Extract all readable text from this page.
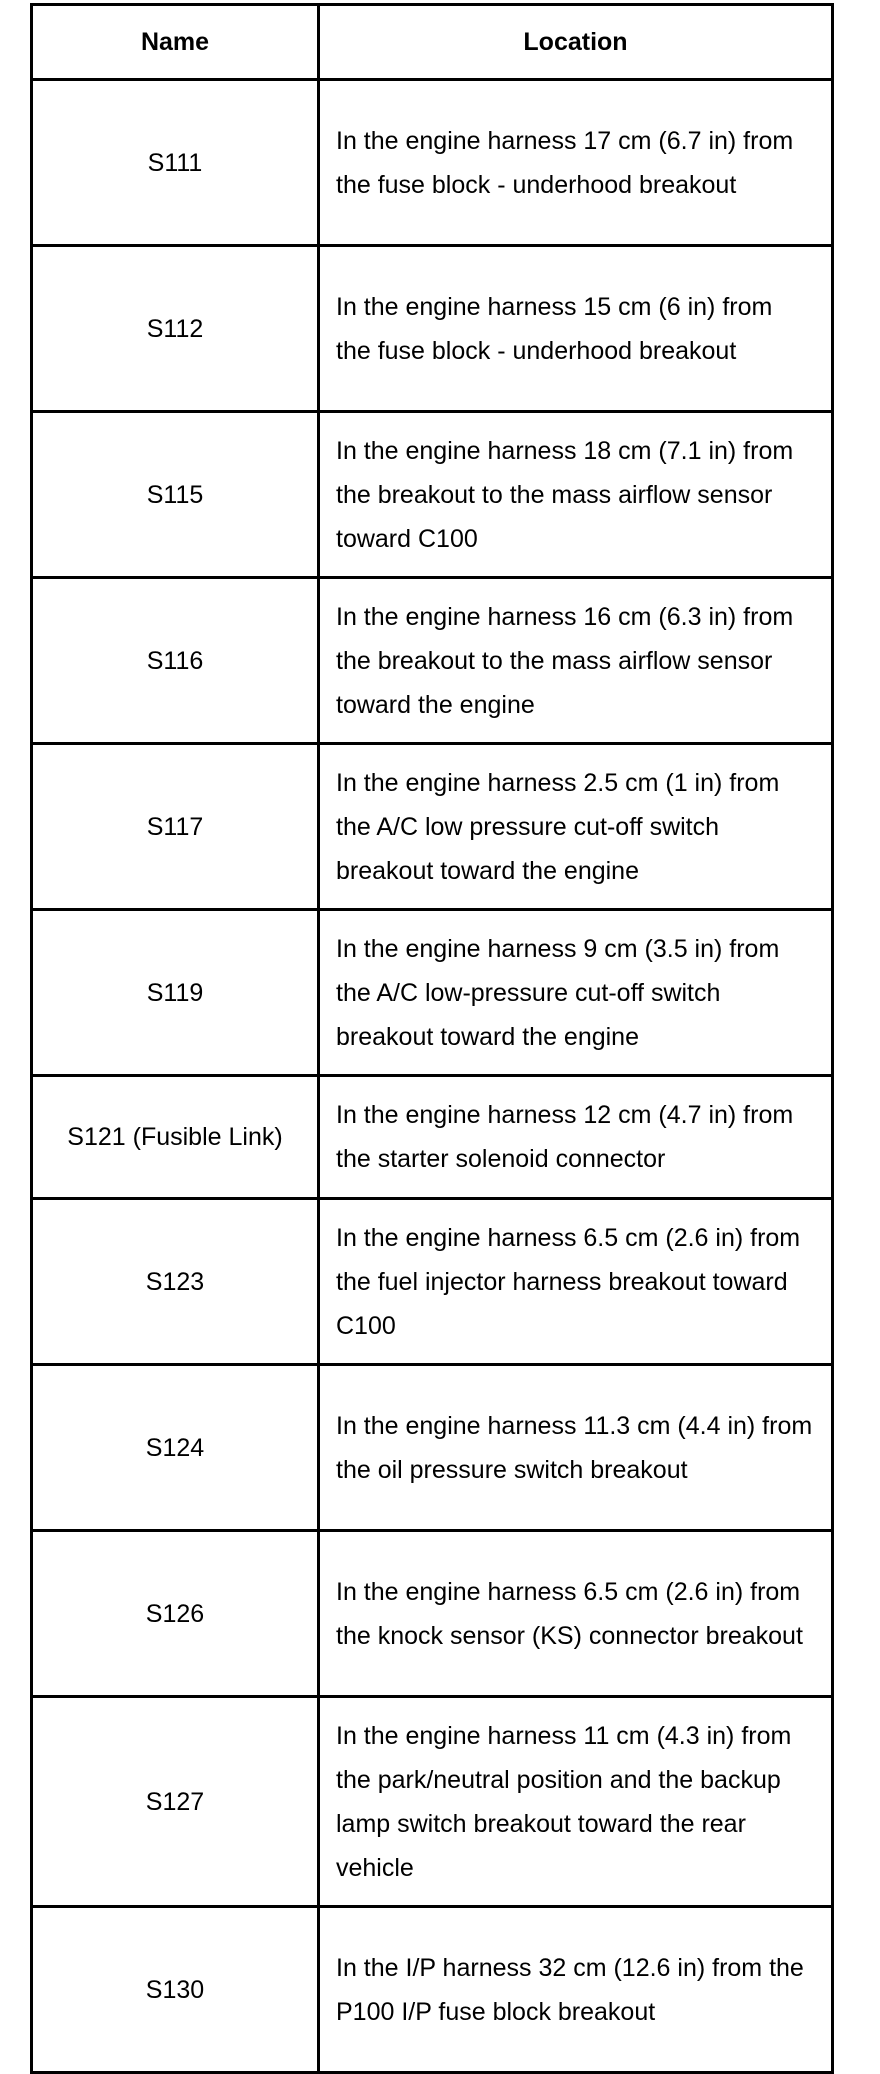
Name	Location
S111	In the engine harness 17 cm (6.7 in) from the fuse block - underhood breakout
S112	In the engine harness 15 cm (6 in) from the fuse block - underhood breakout
S115	In the engine harness 18 cm (7.1 in) from the breakout to the mass airflow sensor toward C100
S116	In the engine harness 16 cm (6.3 in) from the breakout to the mass airflow sensor toward the engine
S117	In the engine harness 2.5 cm (1 in) from the A/C low pressure cut-off switch breakout toward the engine
S119	In the engine harness 9 cm (3.5 in) from the A/C low-pressure cut-off switch breakout toward the engine
S121 (Fusible Link)	In the engine harness 12 cm (4.7 in) from the starter solenoid connector
S123	In the engine harness 6.5 cm (2.6 in) from the fuel injector harness breakout toward C100
S124	In the engine harness 11.3 cm (4.4 in) from the oil pressure switch breakout
S126	In the engine harness 6.5 cm (2.6 in) from the knock sensor (KS) connector breakout
S127	In the engine harness 11 cm (4.3 in) from the park/neutral position and the backup lamp switch breakout toward the rear vehicle
S130	In the I/P harness 32 cm (12.6 in) from the P100 I/P fuse block breakout
